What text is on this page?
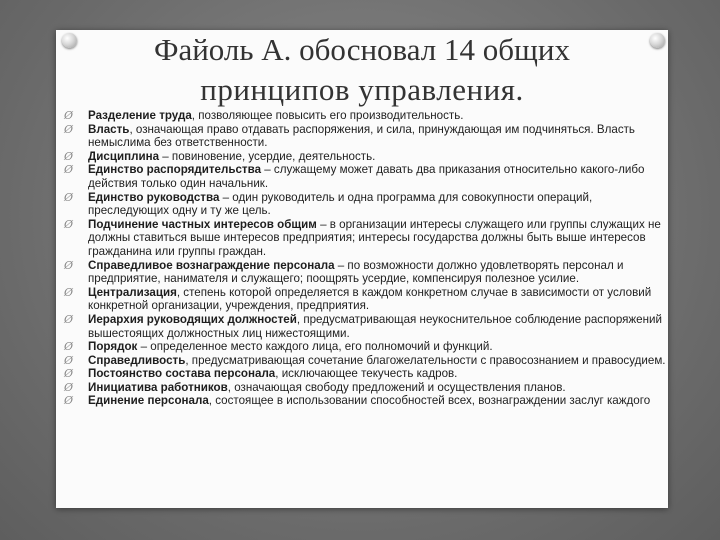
Файоль А. обосновал 14 общих
принципов управления.
Ø Разделение труда, позволяющее повысить его производительность.
Ø Власть, означающая право отдавать распоряжения, и сила, принуждающая им подчиняться. Власть немыслима без ответственности.
Ø Дисциплина – повиновение, усердие, деятельность.
Ø Единство распорядительства – служащему может давать два приказания относительно какого-либо действия только один начальник.
Ø Единство руководства – один руководитель и одна программа для совокупности операций, преследующих одну и ту же цель.
Ø Подчинение частных интересов общим – в организации интересы служащего или группы служащих не должны ставиться выше интересов предприятия; интересы государства должны быть выше интересов гражданина или группы граждан.
Ø Справедливое вознаграждение персонала – по возможности должно удовлетворять персонал и предприятие, нанимателя и служащего; поощрять усердие, компенсируя полезное усилие.
Ø Централизация, степень которой определяется в каждом конкретном случае в зависимости от условий конкретной организации, учреждения, предприятия.
Ø Иерархия руководящих должностей, предусматривающая неукоснительное соблюдение распоряжений вышестоящих должностных лиц нижестоящими.
Ø Порядок – определенное место каждого лица, его полномочий и функций.
Ø Справедливость, предусматривающая сочетание благожелательности с правосознанием и правосудием.
Ø Постоянство состава персонала, исключающее текучесть кадров.
Ø Инициатива работников, означающая свободу предложений и осуществления планов.
Ø Единение персонала, состоящее в использовании способностей всех, вознаграждении заслуг каждого
